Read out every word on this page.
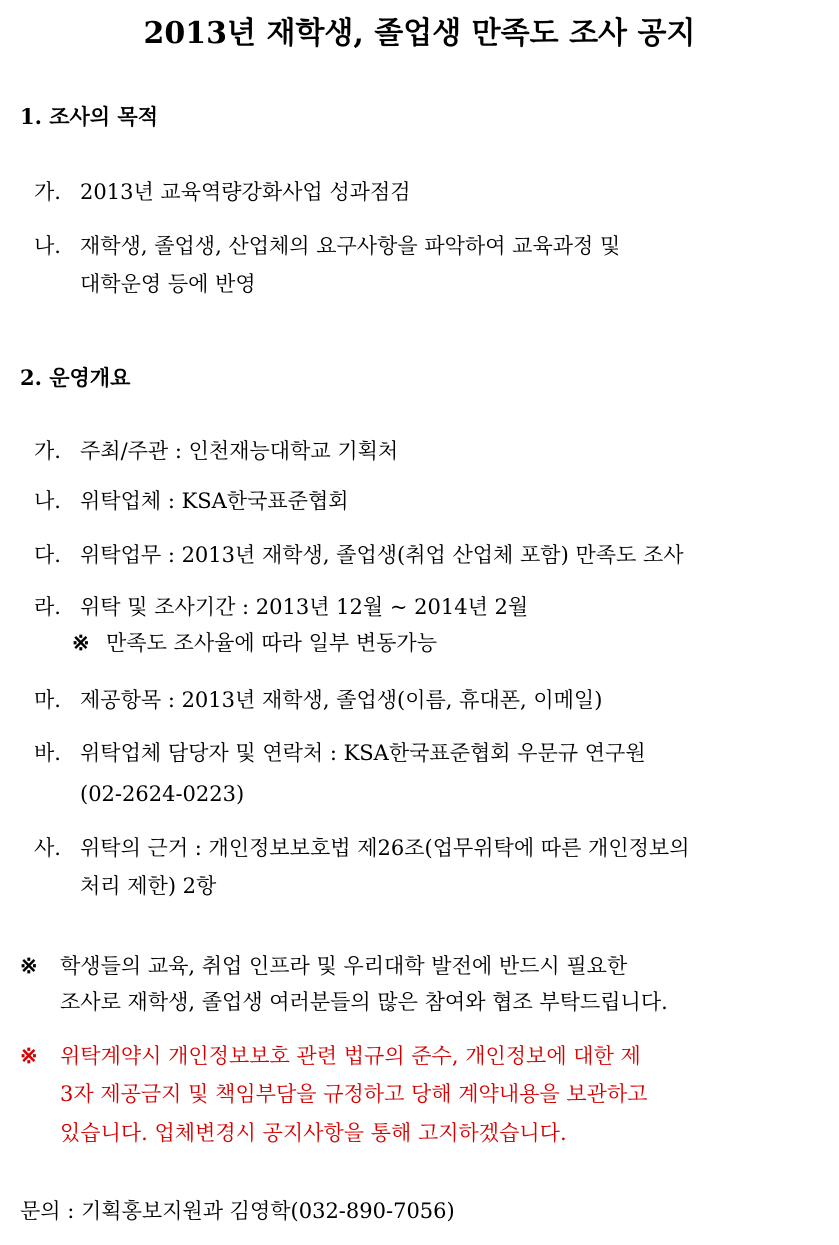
2013년 재학생, 졸업생 만족도 조사 공지
1. 조사의 목적
가. 2013년 교육역량강화사업 성과점검
나. 재학생, 졸업생, 산업체의 요구사항을 파악하여 교육과정 및
대학운영 등에 반영
2. 운영개요
가. 주최/주관 : 인천재능대학교 기획처
나. 위탁업체 : KSA한국표준협회
다. 위탁업무 : 2013년 재학생, 졸업생(취업 산업체 포함) 만족도 조사
라. 위탁 및 조사기간 : 2013년 12월 ~ 2014년 2월
※ 만족도 조사율에 따라 일부 변동가능
마. 제공항목 : 2013년 재학생, 졸업생(이름, 휴대폰, 이메일)
바. 위탁업체 담당자 및 연락처 : KSA한국표준협회 우문규 연구원
(02-2624-0223)
사. 위탁의 근거 : 개인정보보호법 제26조(업무위탁에 따른 개인정보의
처리 제한) 2항
※ 학생들의 교육, 취업 인프라 및 우리대학 발전에 반드시 필요한
조사로 재학생, 졸업생 여러분들의 많은 참여와 협조 부탁드립니다.
※ 위탁계약시 개인정보보호 관련 법규의 준수, 개인정보에 대한 제
3자 제공금지 및 책임부담을 규정하고 당해 계약내용을 보관하고
있습니다. 업체변경시 공지사항을 통해 고지하겠습니다.
문의 : 기획홍보지원과 김영학(032-890-7056)
